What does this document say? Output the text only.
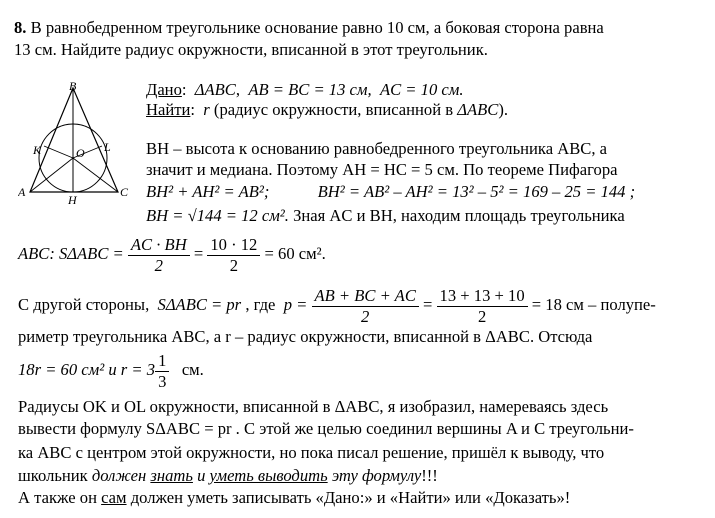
8. В равнобедренном треугольнике основание равно 10 см, а боковая сторона равна
13 см. Найдите радиус окружности, вписанной в этот треугольник.
B
A	C
H
K	L
O
Дано:  ΔABC,  AB = BC = 13 см, AC = 10 см.
Найти:  r (радиус окружности, вписанной в ΔABC).
BH – высота к основанию равнобедренного треугольника ABC, а
значит и медиана. Поэтому AH = HC = 5 см. По теореме Пифагора
BH² + AH² = AB²;	BH² = AB² – AH² = 13² – 5² = 169 – 25 = 144 ;
BH = √144 = 12 см². Зная AC и BH, находим площадь треугольника
ABC: $S\Delta ABC = \frac{AC \cdot BH}{2} = \frac{10 \cdot 12}{2} = 60$ см².
С другой стороны, SΔABC = pr , где $p = \frac{AB + BC + AC}{2} = \frac{13 + 13 + 10}{2} = 18$ см – полупе-
риметр треугольника ABC, а r – радиус окружности, вписанной в ΔABC. Отсюда
18r = 60 см² и $r = 3 \frac{1}{3}$ см.
Радиусы OK и OL окружности, вписанной в ΔABC, я изобразил, намереваясь здесь
вывести формулу SΔABC = pr . С этой же целью соединил вершины A и C треугольни-
ка ABC с центром этой окружности, но пока писал решение, пришёл к выводу, что
школьник должен знать и уметь выводить эту формулу!!!
А также он сам должен уметь записывать «Дано:» и «Найти» или «Доказать»!
